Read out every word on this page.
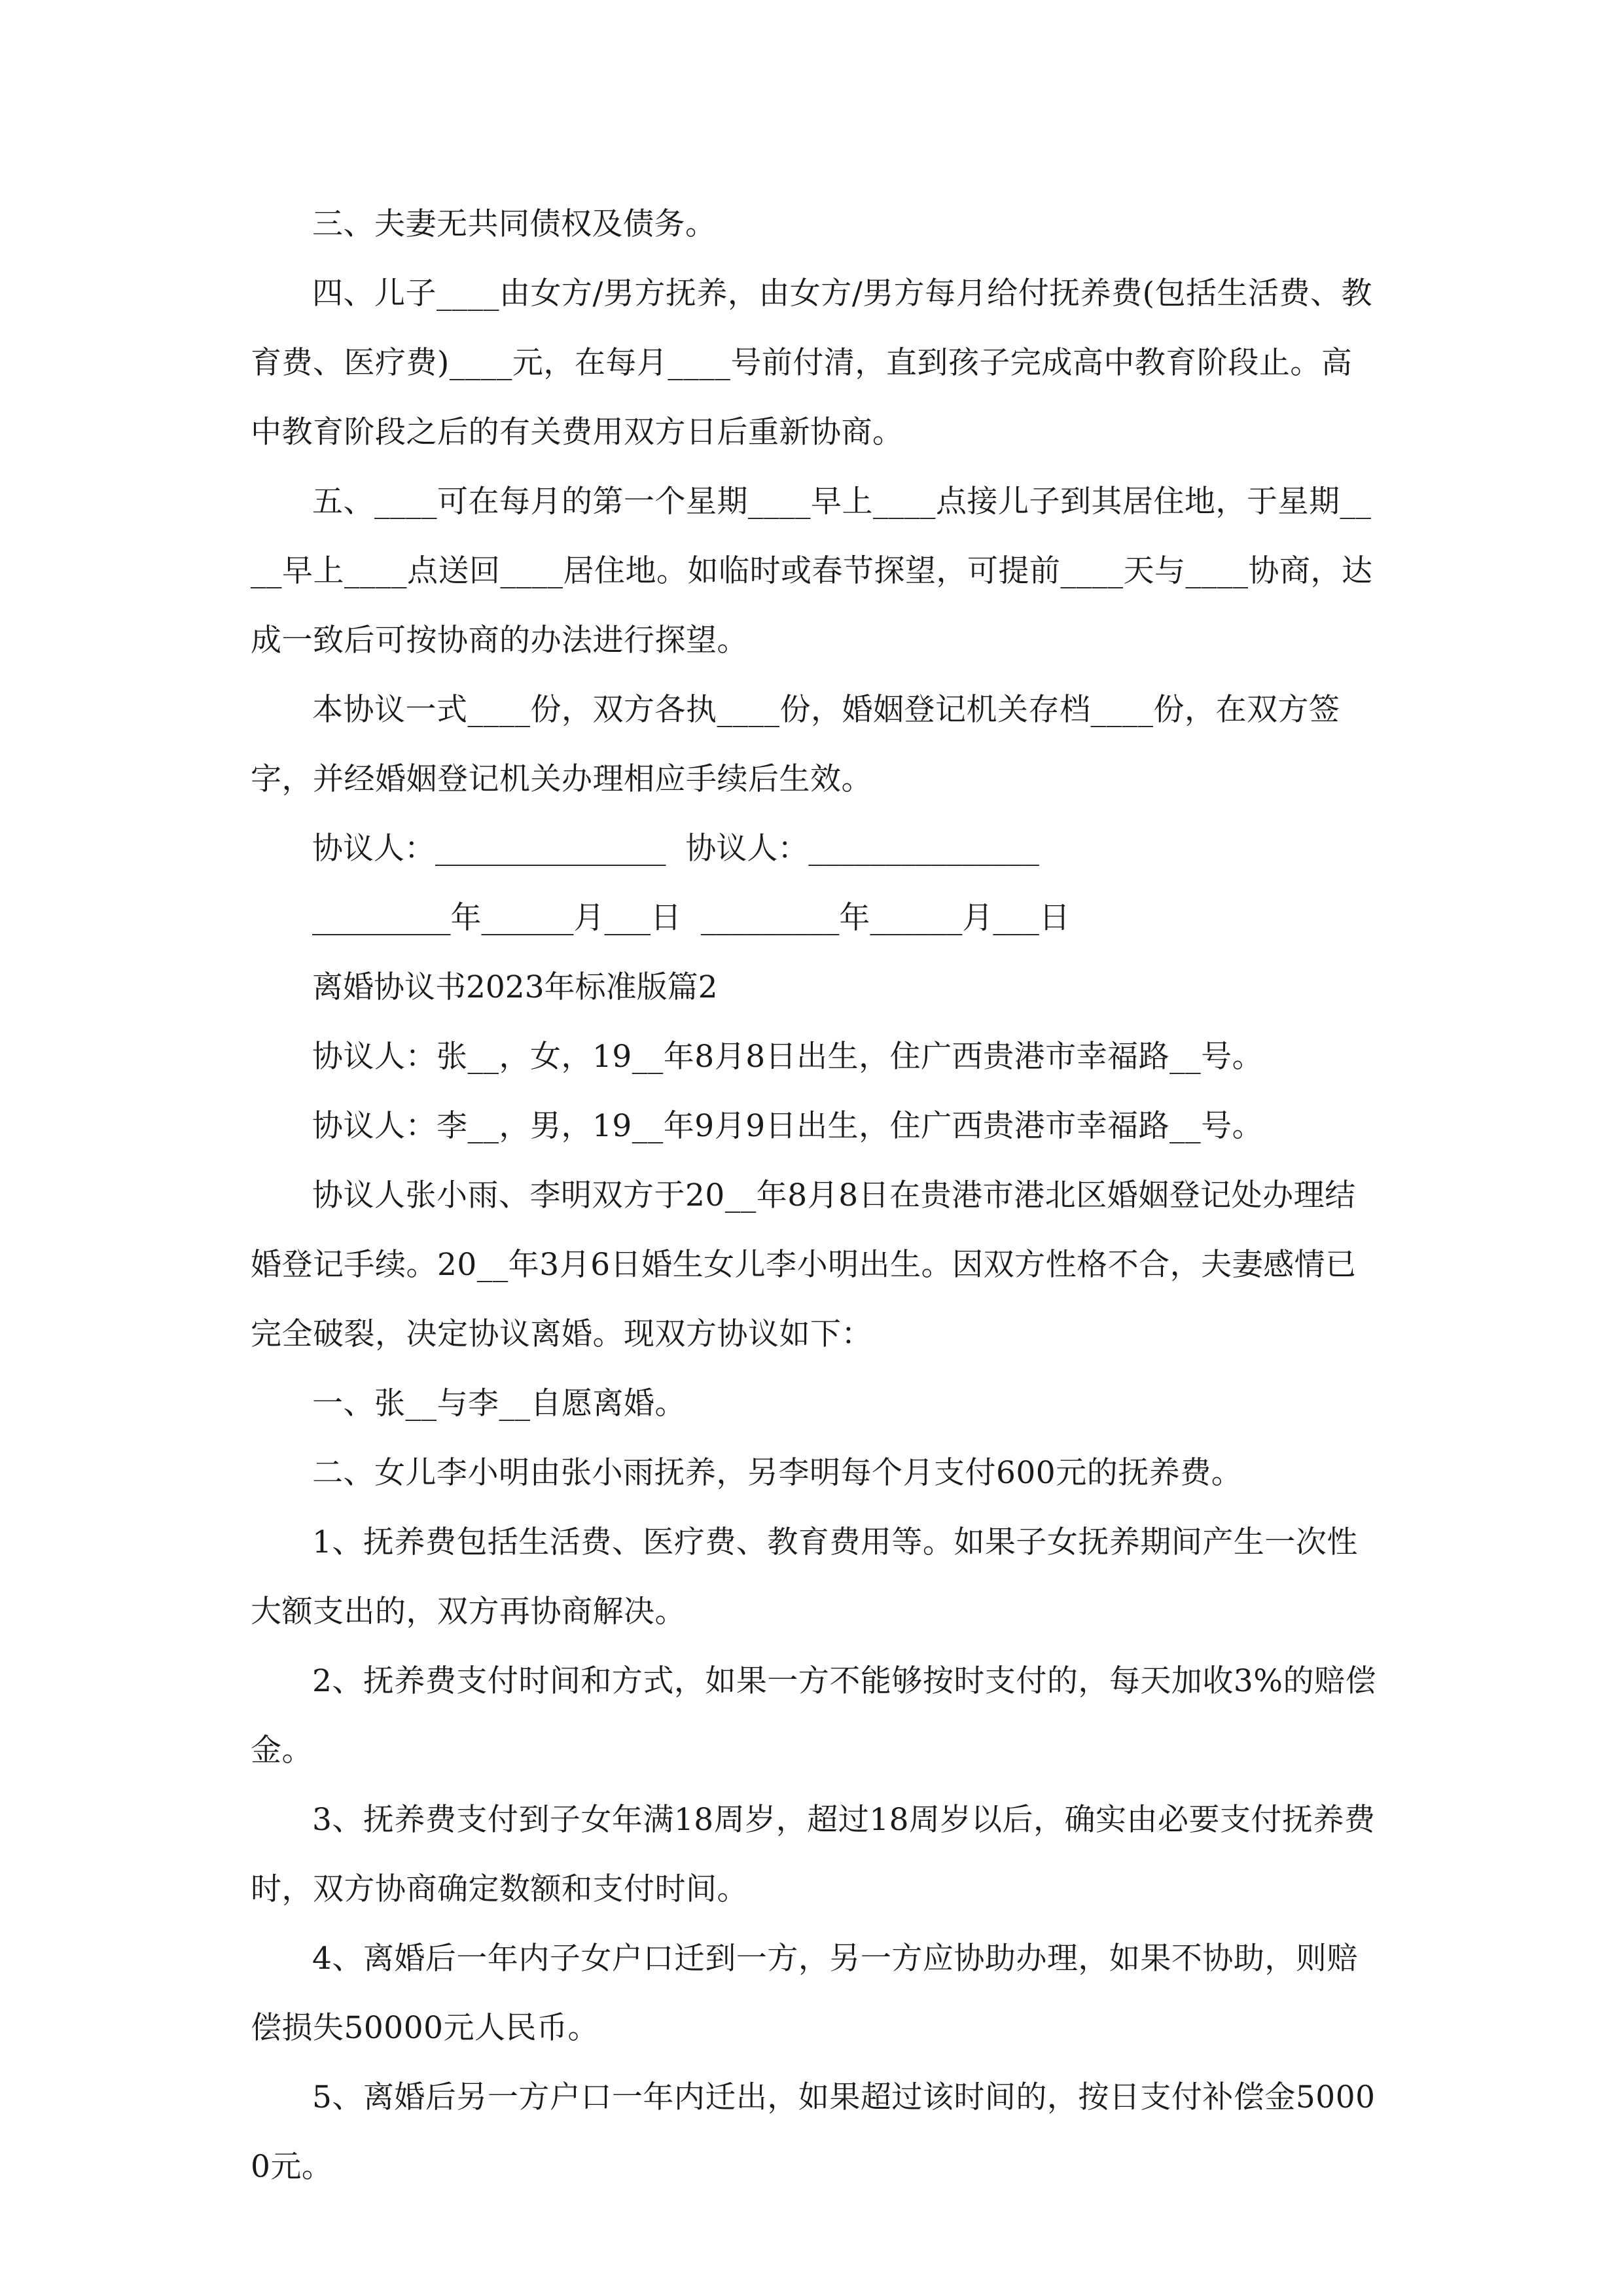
三、夫妻无共同债权及债务。

四、儿子____由女方/男方抚养，由女方/男方每月给付抚养费(包括生活费、教育费、医疗费)____元，在每月____号前付清，直到孩子完成高中教育阶段止。高中教育阶段之后的有关费用双方日后重新协商。

五、____可在每月的第一个星期____早上____点接儿子到其居住地，于星期____早上____点送回____居住地。如临时或春节探望，可提前____天与____协商，达成一致后可按协商的办法进行探望。

本协议一式____份，双方各执____份，婚姻登记机关存档____份，在双方签字，并经婚姻登记机关办理相应手续后生效。

协议人：_______________  协议人：_______________

_________年______月___日  _________年______月___日

离婚协议书2023年标准版篇2

协议人：张__，女，19__年8月8日出生，住广西贵港市幸福路__号。

协议人：李__，男，19__年9月9日出生，住广西贵港市幸福路__号。

协议人张小雨、李明双方于20__年8月8日在贵港市港北区婚姻登记处办理结婚登记手续。20__年3月6日婚生女儿李小明出生。因双方性格不合，夫妻感情已完全破裂，决定协议离婚。现双方协议如下：

一、张__与李__自愿离婚。

二、女儿李小明由张小雨抚养，另李明每个月支付600元的抚养费。

1、抚养费包括生活费、医疗费、教育费用等。如果子女抚养期间产生一次性大额支出的，双方再协商解决。

2、抚养费支付时间和方式，如果一方不能够按时支付的，每天加收3%的赔偿金。

3、抚养费支付到子女年满18周岁，超过18周岁以后，确实由必要支付抚养费时，双方协商确定数额和支付时间。

4、离婚后一年内子女户口迁到一方，另一方应协助办理，如果不协助，则赔偿损失50000元人民币。

5、离婚后另一方户口一年内迁出，如果超过该时间的，按日支付补偿金50000元。
